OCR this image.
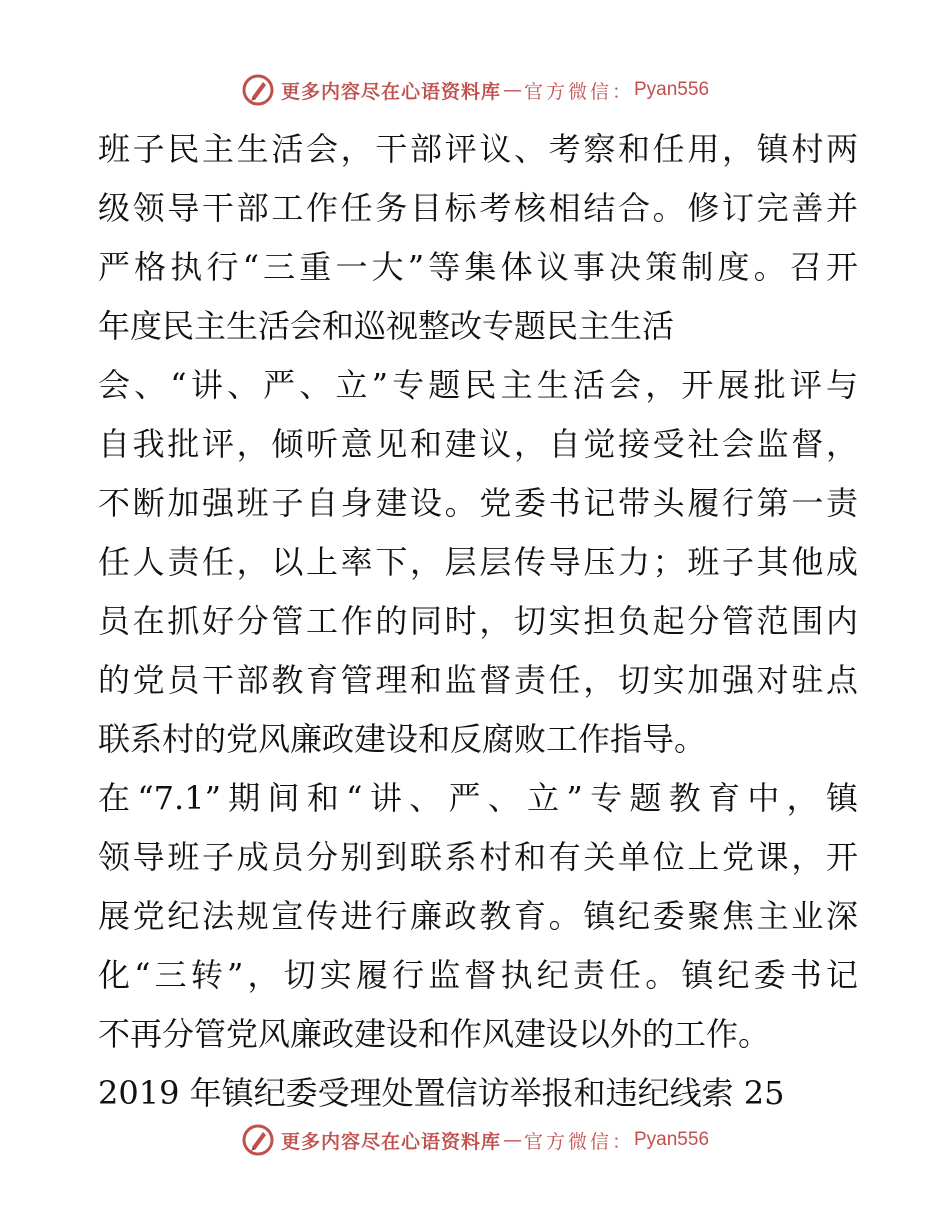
更多内容尽在心语资料库 — 官方微信： Pyan556
班子民主生活会，干部评议、考察和任用，镇村两
级领导干部工作任务目标考核相结合。修订完善并
严格执行“三重一大”等集体议事决策制度。召开
年度民主生活会和巡视整改专题民主生活
会、“讲、严、立”专题民主生活会，开展批评与
自我批评，倾听意见和建议，自觉接受社会监督，
不断加强班子自身建设。党委书记带头履行第一责
任人责任，以上率下，层层传导压力；班子其他成
员在抓好分管工作的同时，切实担负起分管范围内
的党员干部教育管理和监督责任，切实加强对驻点
联系村的党风廉政建设和反腐败工作指导。
在“7.1”期间和“讲、严、立”专题教育中，镇
领导班子成员分别到联系村和有关单位上党课，开
展党纪法规宣传进行廉政教育。镇纪委聚焦主业深
化“三转”，切实履行监督执纪责任。镇纪委书记
不再分管党风廉政建设和作风建设以外的工作。
2019 年镇纪委受理处置信访举报和违纪线索 25
更多内容尽在心语资料库 — 官方微信： Pyan556
